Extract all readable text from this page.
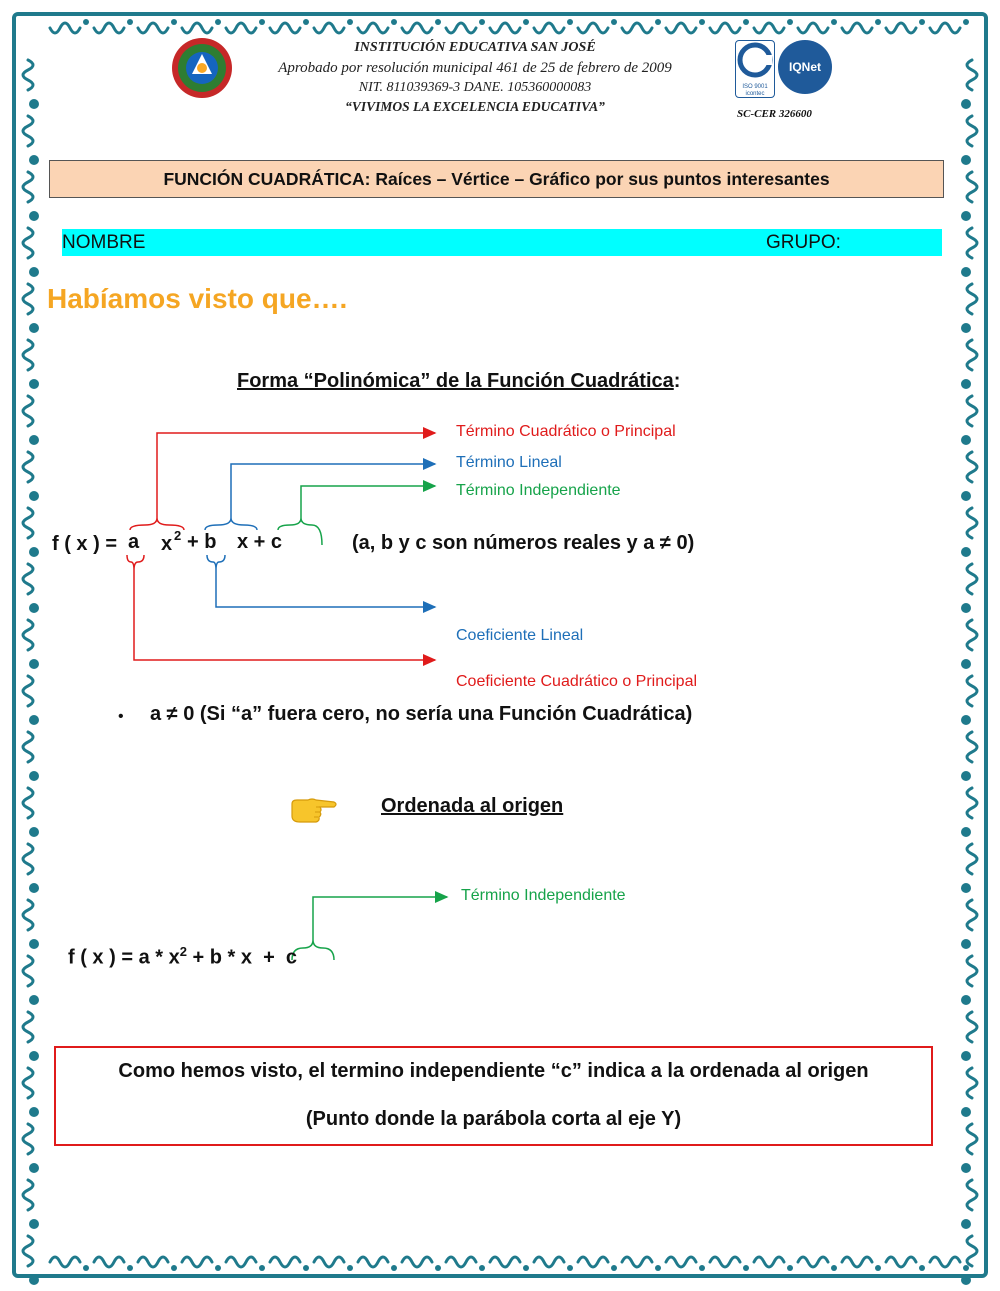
INSTITUCIÓN EDUCATIVA SAN JOSÉ
Aprobado por resolución municipal 461 de 25 de febrero de 2009
NIT. 811039369-3 DANE. 105360000083
“VIVIMOS LA EXCELENCIA EDUCATIVA”
ISO 9001
icontec
IQNet
SC-CER 326600
FUNCIÓN CUADRÁTICA: Raíces – Vértice – Gráfico por sus puntos interesantes
NOMBRE	GRUPO:
Habíamos visto que….
Forma “Polinómica” de la Función Cuadrática:
Término Cuadrático o Principal
Término Lineal
Término Independiente
Coeficiente Lineal
Coeficiente Cuadrático o Principal
f ( x ) = a x 2 + b x + c	(a, b y c son números reales y a ≠ 0)
• a ≠ 0 (Si “a” fuera cero, no sería una Función Cuadrática)
Ordenada al origen
Término Independiente
f ( x ) = $a * x^2 + b * x + c$
Como hemos visto, el termino independiente “c” indica a la ordenada al origen
(Punto donde la parábola corta al eje Y)
